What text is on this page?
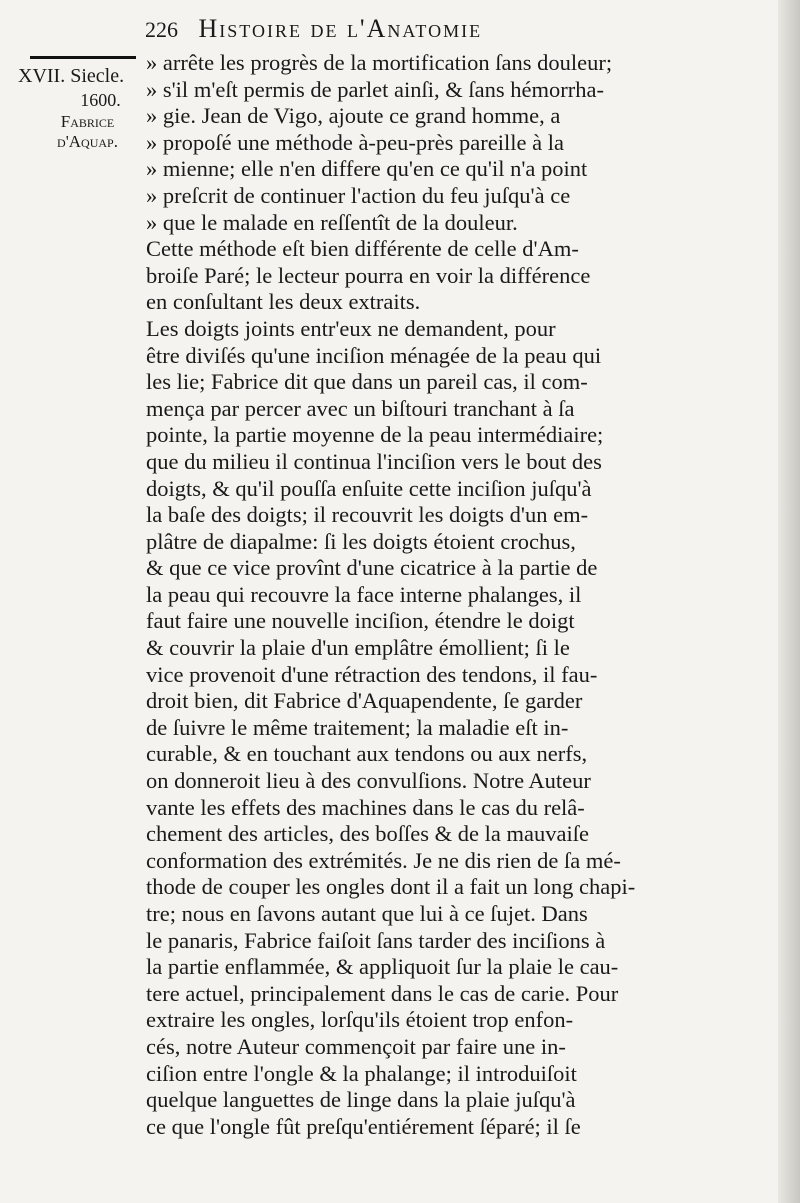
226 Histoire de l'Anatomie
XVII. Siecle.
1600.
Fabrice
d'Aquap.
» arrête les progrès de la mortification ſans douleur;
» s'il m'eſt permis de parlet ainſi, & ſans hémorrha-
» gie. Jean de Vigo, ajoute ce grand homme, a
» propoſé une méthode à-peu-près pareille à la
» mienne; elle n'en differe qu'en ce qu'il n'a point
» preſcrit de continuer l'action du feu juſqu'à ce
» que le malade en reſſentît de la douleur.
Cette méthode eſt bien différente de celle d'Am-
broiſe Paré; le lecteur pourra en voir la différence
en conſultant les deux extraits.
Les doigts joints entr'eux ne demandent, pour
être diviſés qu'une inciſion ménagée de la peau qui
les lie; Fabrice dit que dans un pareil cas, il com-
mença par percer avec un biſtouri tranchant à ſa
pointe, la partie moyenne de la peau intermédiaire;
que du milieu il continua l'inciſion vers le bout des
doigts, & qu'il pouſſa enſuite cette inciſion juſqu'à
la baſe des doigts; il recouvrit les doigts d'un em-
plâtre de diapalme: ſi les doigts étoient crochus,
& que ce vice provînt d'une cicatrice à la partie de
la peau qui recouvre la face interne phalanges, il
faut faire une nouvelle inciſion, étendre le doigt
& couvrir la plaie d'un emplâtre émollient; ſi le
vice provenoit d'une rétraction des tendons, il fau-
droit bien, dit Fabrice d'Aquapendente, ſe garder
de ſuivre le même traitement; la maladie eſt in-
curable, & en touchant aux tendons ou aux nerfs,
on donneroit lieu à des convulſions. Notre Auteur
vante les effets des machines dans le cas du relâ-
chement des articles, des boſſes & de la mauvaiſe
conformation des extrémités. Je ne dis rien de ſa mé-
thode de couper les ongles dont il a fait un long chapi-
tre; nous en ſavons autant que lui à ce ſujet. Dans
le panaris, Fabrice faiſoit ſans tarder des inciſions à
la partie enflammée, & appliquoit ſur la plaie le cau-
tere actuel, principalement dans le cas de carie. Pour
extraire les ongles, lorſqu'ils étoient trop enfon-
cés, notre Auteur commençoit par faire une in-
ciſion entre l'ongle & la phalange; il introduiſoit
quelque languettes de linge dans la plaie juſqu'à
ce que l'ongle fût preſqu'entiérement ſéparé; il ſe
